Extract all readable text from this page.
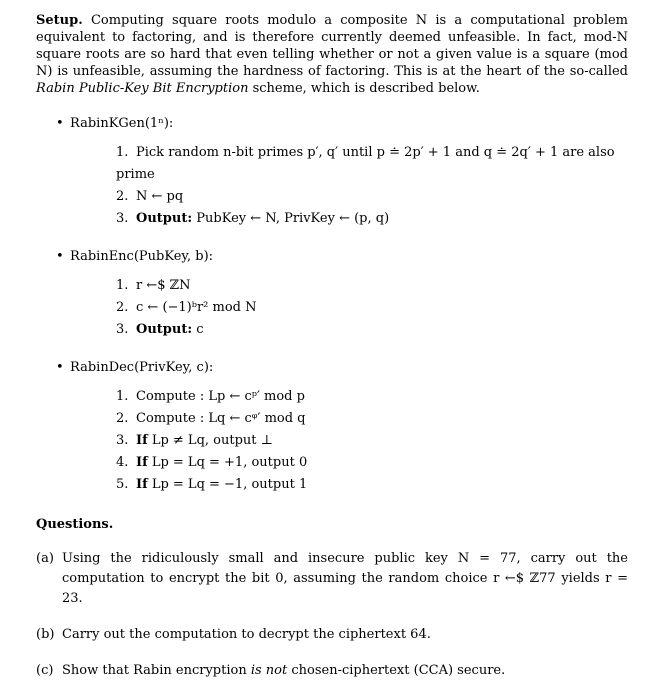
Setup. Computing square roots modulo a composite N is a computational problem equivalent to factoring, and is therefore currently deemed unfeasible. In fact, mod-N square roots are so hard that even telling whether or not a given value is a square (mod N) is unfeasible, assuming the hardness of factoring. This is at the heart of the so-called Rabin Public-Key Bit Encryption scheme, which is described below.

• RabinKGen(1ⁿ):
1. Pick random n-bit primes p′, q′ until p ≐ 2p′ + 1 and q ≐ 2q′ + 1 are also prime
2. N ← pq
3. Output: PubKey ← N, PrivKey ← (p, q)
• RabinEnc(PubKey, b):
1. r ←$ ℤN
2. c ← (−1)ᵇr² mod N
3. Output: c
• RabinDec(PrivKey, c):
1. Compute : Lp ← cᵖ′ mod p
2. Compute : Lq ← cᵠ′ mod q
3. If Lp ≠ Lq, output ⊥
4. If Lp = Lq = +1, output 0
5. If Lp = Lq = −1, output 1
Questions.
(a) Using the ridiculously small and insecure public key N = 77, carry out the computation to encrypt the bit 0, assuming the random choice r ←$ ℤ77 yields r = 23.
(b) Carry out the computation to decrypt the ciphertext 64.
(c) Show that Rabin encryption is not chosen-ciphertext (CCA) secure.
